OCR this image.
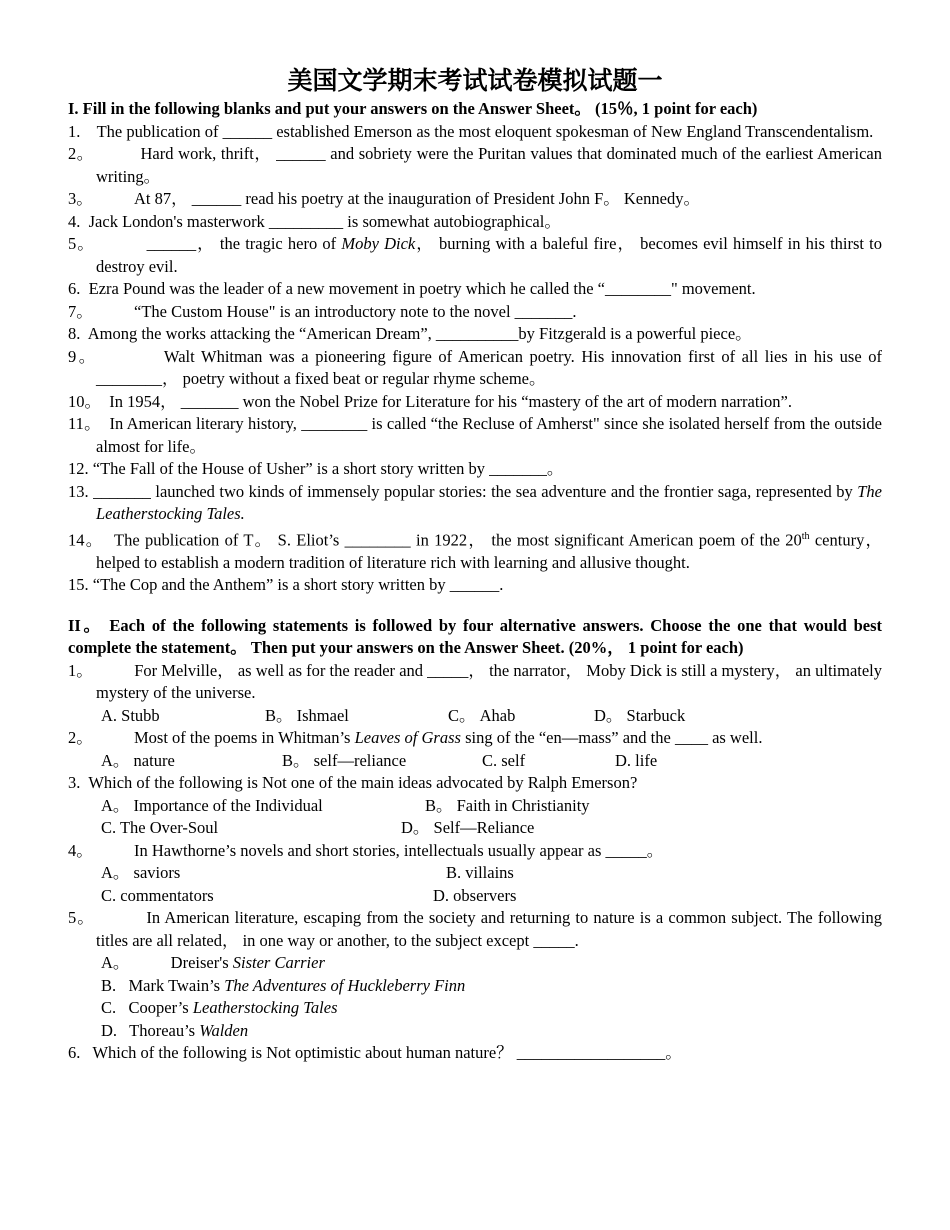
美国文学期末考试试卷模拟试题一
I. Fill in the following blanks and put your answers on the Answer Sheet。 (15％, 1 point for each)
1.    The publication of ______ established Emerson as the most eloquent spokesman of New England Transcendentalism.
2。          Hard work, thrift， ______ and sobriety were the Puritan values that dominated much of the earliest American writing。
3。          At 87， ______ read his poetry at the inauguration of President John F。 Kennedy。
4.  Jack London's masterwork _________ is somewhat autobiographical。
5。          ______， the tragic hero of Moby Dick， burning with a baleful fire， becomes evil himself in his thirst to destroy evil.
6.  Ezra Pound was the leader of a new movement in poetry which he called the “________" movement.
7。          “The Custom House" is an introductory note to the novel _______.
8.  Among the works attacking the “American Dream”, __________by Fitzgerald is a powerful piece。
9。          Walt Whitman was a pioneering figure of American poetry. His innovation first of all lies in his use of ________， poetry without a fixed beat or regular rhyme scheme。
10。  In 1954， _______ won the Nobel Prize for Literature for his “mastery of the art of modern narration”.
11。  In American literary history, ________ is called “the Recluse of Amherst" since she isolated herself from the outside almost for life。
12. “The Fall of the House of Usher” is a short story written by _______。
13. _______ launched two kinds of immensely popular stories: the sea adventure and the frontier saga, represented by The Leatherstocking Tales.
14。  The publication of T。 S. Eliot’s ________ in 1922， the most significant American poem of the 20th century， helped to establish a modern tradition of literature rich with learning and allusive thought.
15. “The Cop and the Anthem” is a short story written by ______.
II。 Each of the following statements is followed by four alternative answers. Choose the one that would best complete the statement。 Then put your answers on the Answer Sheet. (20%， 1 point for each)
1。          For Melville， as well as for the reader and _____， the narrator， Moby Dick is still a mystery， an ultimately mystery of the universe.
A. Stubb	B。 Ishmael	C。 Ahab	D。 Starbuck
2。          Most of the poems in Whitman’s Leaves of Grass sing of the “en—mass” and the ____ as well.
A。 nature	B。 self—reliance	C. self	D. life
3.  Which of the following is Not one of the main ideas advocated by Ralph Emerson?
A。 Importance of the Individual	B。 Faith in Christianity
C. The Over-Soul	D。 Self—Reliance
4。          In Hawthorne’s novels and short stories, intellectuals usually appear as _____。
A。 saviors	B. villains
C. commentators	D. observers
5。          In American literature, escaping from the society and returning to nature is a common subject. The following titles are all related， in one way or another, to the subject except _____.
A。          Dreiser's Sister Carrier
B.   Mark Twain’s The Adventures of Huckleberry Finn
C.   Cooper’s Leatherstocking Tales
D.   Thoreau’s Walden
6.   Which of the following is Not optimistic about human nature？ __________________。
